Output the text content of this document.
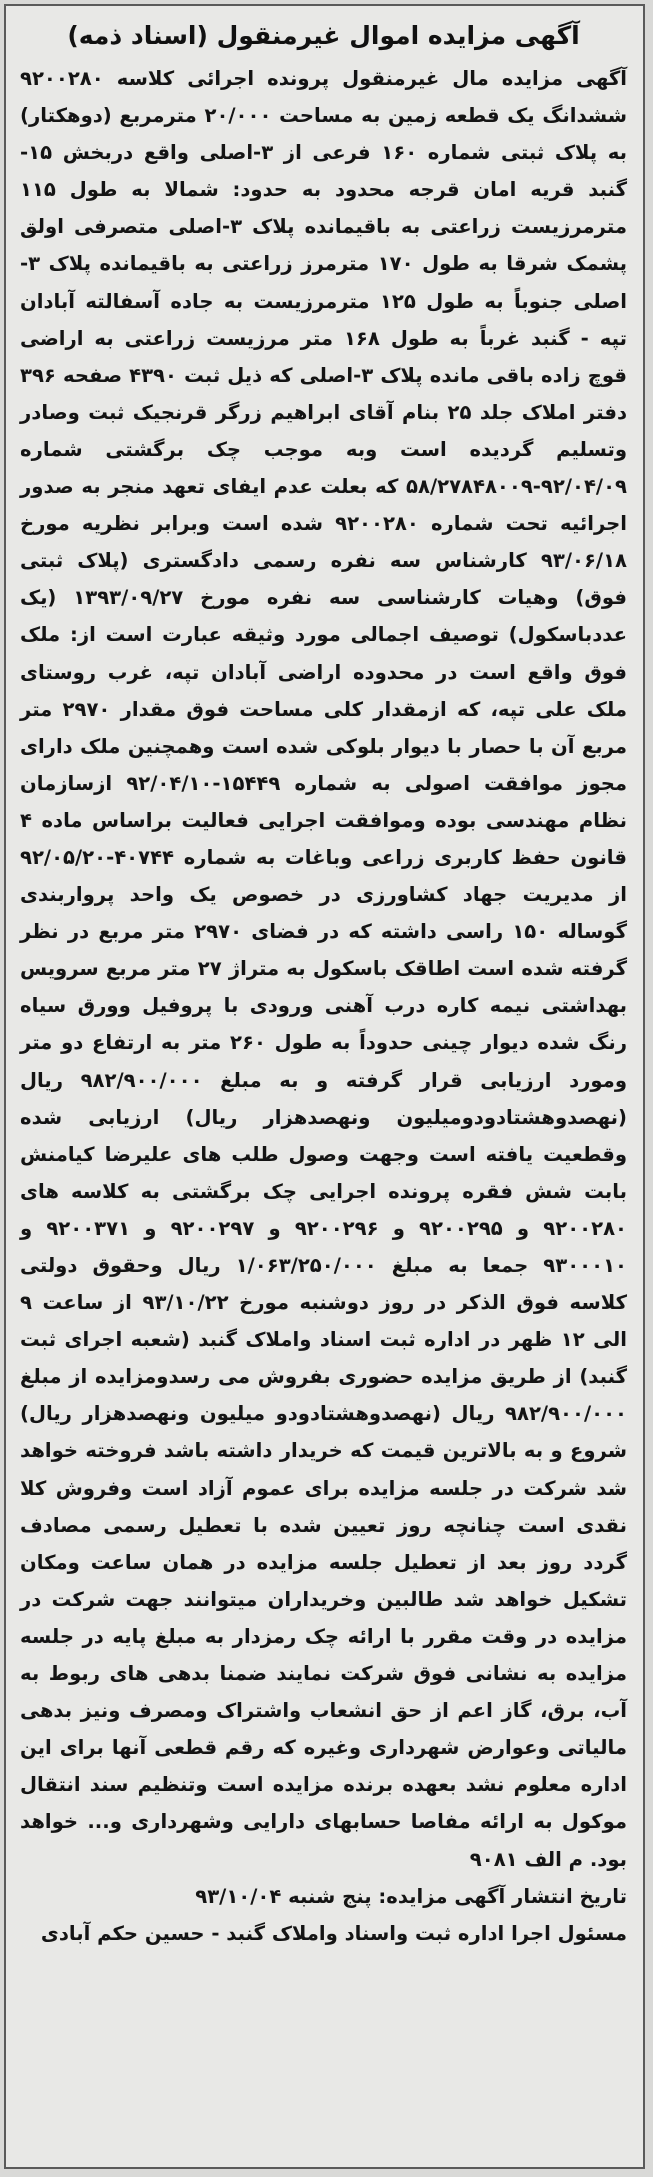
آگهی مزایده اموال غیرمنقول (اسناد ذمه)

آگهی مزایده مال غیرمنقول پرونده اجرائی کلاسه ۹۲۰۰۲۸۰ ششدانگ یک قطعه زمین به مساحت ۲۰/۰۰۰ مترمربع (دوهکتار) به پلاک ثبتی شماره ۱۶۰ فرعی از ۳-اصلی واقع دربخش ۱۵-گنبد قریه امان قرجه محدود به حدود: شمالا به طول ۱۱۵ مترمرزیست زراعتی به باقیمانده پلاک ۳-اصلی متصرفی اولق پشمک شرقا به طول ۱۷۰ مترمرز زراعتی به باقیمانده پلاک ۳-اصلی جنوباً به طول ۱۲۵ مترمرزیست به جاده آسفالته آبادان تپه - گنبد غرباً به طول ۱۶۸ متر مرزیست زراعتی به اراضی قوچ زاده باقی مانده پلاک ۳-اصلی که ذیل ثبت ۴۳۹۰ صفحه ۳۹۶ دفتر املاک جلد ۲۵ بنام آقای ابراهیم زرگر قرنجیک ثبت وصادر وتسلیم گردیده است وبه موجب چک برگشتی شماره ۹۲/۰۴/۰۹-۵۸/۲۷۸۴۸۰۰۹ که بعلت عدم ایفای تعهد منجر به صدور اجرائیه تحت شماره ۹۲۰۰۲۸۰ شده است وبرابر نظریه مورخ ۹۳/۰۶/۱۸ کارشناس سه نفره رسمی دادگستری (پلاک ثبتی فوق) وهیات کارشناسی سه نفره مورخ ۱۳۹۳/۰۹/۲۷ (یک عددباسکول) توصیف اجمالی مورد وثیقه عبارت است از: ملک فوق واقع است در محدوده اراضی آبادان تپه، غرب روستای ملک علی تپه، که ازمقدار کلی مساحت فوق مقدار ۲۹۷۰ متر مربع آن با حصار با دیوار بلوکی شده است وهمچنین ملک دارای مجوز موافقت اصولی به شماره ۱۵۴۴۹-۹۲/۰۴/۱۰ ازسازمان نظام مهندسی بوده وموافقت اجرایی فعالیت براساس ماده ۴ قانون حفظ کاربری زراعی وباغات به شماره ۴۰۷۴۴-۹۲/۰۵/۲۰ از مدیریت جهاد کشاورزی در خصوص یک واحد پرواربندی گوساله ۱۵۰ راسی داشته که در فضای ۲۹۷۰ متر مربع در نظر گرفته شده است اطاقک باسکول به متراژ ۲۷ متر مربع سرویس بهداشتی نیمه کاره درب آهنی ورودی با پروفیل وورق سیاه رنگ شده دیوار چینی حدوداً به طول ۲۶۰ متر به ارتفاع دو متر ومورد ارزیابی قرار گرفته و به مبلغ ۹۸۲/۹۰۰/۰۰۰ ریال (نهصدوهشتادودومیلیون ونهصدهزار ریال) ارزیابی شده وقطعیت یافته است وجهت وصول طلب های علیرضا کیامنش بابت شش فقره پرونده اجرایی چک برگشتی به کلاسه های ۹۲۰۰۲۸۰ و ۹۲۰۰۲۹۵ و ۹۲۰۰۲۹۶ و ۹۲۰۰۲۹۷ و ۹۲۰۰۳۷۱ و ۹۳۰۰۰۱۰ جمعا به مبلغ ۱/۰۶۳/۲۵۰/۰۰۰ ریال وحقوق دولتی کلاسه فوق الذکر در روز دوشنبه مورخ ۹۳/۱۰/۲۲ از ساعت ۹ الی ۱۲ ظهر در اداره ثبت اسناد واملاک گنبد (شعبه اجرای ثبت گنبد) از طریق مزایده حضوری بفروش می رسدومزایده از مبلغ ۹۸۲/۹۰۰/۰۰۰ ریال (نهصدوهشتادودو میلیون ونهصدهزار ریال) شروع و به بالاترین قیمت که خریدار داشته باشد فروخته خواهد شد شرکت در جلسه مزایده برای عموم آزاد است وفروش کلا نقدی است چنانچه روز تعیین شده با تعطیل رسمی مصادف گردد روز بعد از تعطیل جلسه مزایده در همان ساعت ومکان تشکیل خواهد شد طالبین وخریداران میتوانند جهت شرکت در مزایده در وقت مقرر با ارائه چک رمزدار به مبلغ پایه در جلسه مزایده به نشانی فوق شرکت نمایند ضمنا بدهی های ربوط به آب، برق، گاز اعم از حق انشعاب واشتراک ومصرف ونیز بدهی مالیاتی وعوارض شهرداری وغیره که رقم قطعی آنها برای این اداره معلوم نشد بعهده برنده مزایده است وتنظیم سند انتقال موکول به ارائه مفاصا حسابهای دارایی وشهرداری و... خواهد بود. م الف ۹۰۸۱

تاریخ انتشار آگهی مزایده: پنج شنبه ۹۳/۱۰/۰۴

مسئول اجرا اداره ثبت واسناد واملاک گنبد - حسین حکم آبادی
